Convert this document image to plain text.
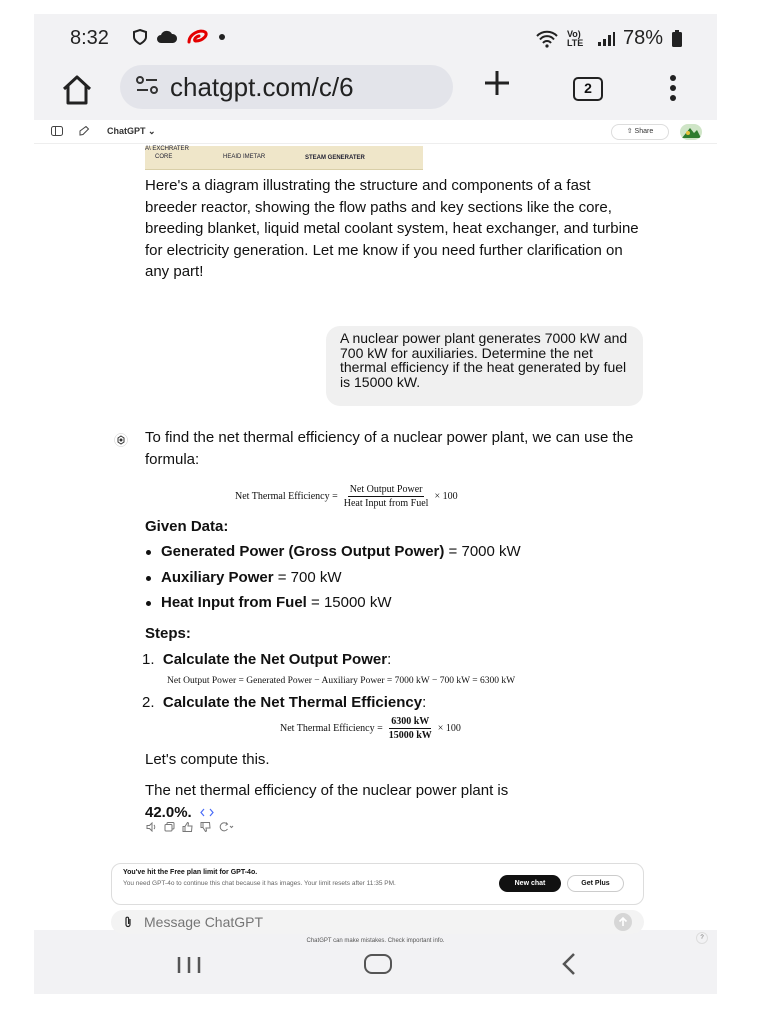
8:32	Vo) LTE 78%
chatgpt.com/c/6	2
ChatGPT ⌄	⇧ Share
A\ EXCHRATER
CORE	HEAID IMETAR	STEAM GENERATER
Here's a diagram illustrating the structure and components of a fast breeder reactor, showing the flow paths and key sections like the core, breeding blanket, liquid metal coolant system, heat exchanger, and turbine for electricity generation. Let me know if you need further clarification on any part!
A nuclear power plant generates 7000 kW and 700 kW for auxiliaries. Determine the net thermal efficiency if the heat generated by fuel is 15000 kW.
To find the net thermal efficiency of a nuclear power plant, we can use the formula:
Net Thermal Efficiency = $\frac{\text{Net Output Power}}{\text{Heat Input from Fuel}} \times 100$
Given Data:
Generated Power (Gross Output Power) = 7000 kW
Auxiliary Power = 700 kW
Heat Input from Fuel = 15000 kW
Steps:
1. Calculate the Net Output Power:
Net Output Power = Generated Power − Auxiliary Power = 7000 kW − 700 kW = 6300 kW
2. Calculate the Net Thermal Efficiency:
Net Thermal Efficiency = $\frac{6300 kW}{15000 kW} \times 100$
Let's compute this.
The net thermal efficiency of the nuclear power plant is
42.0%.
You've hit the Free plan limit for GPT-4o.
You need GPT-4o to continue this chat because it has images. Your limit resets after 11:35 PM.	New chat	Get Plus
Message ChatGPT
ChatGPT can make mistakes. Check important info.	?
